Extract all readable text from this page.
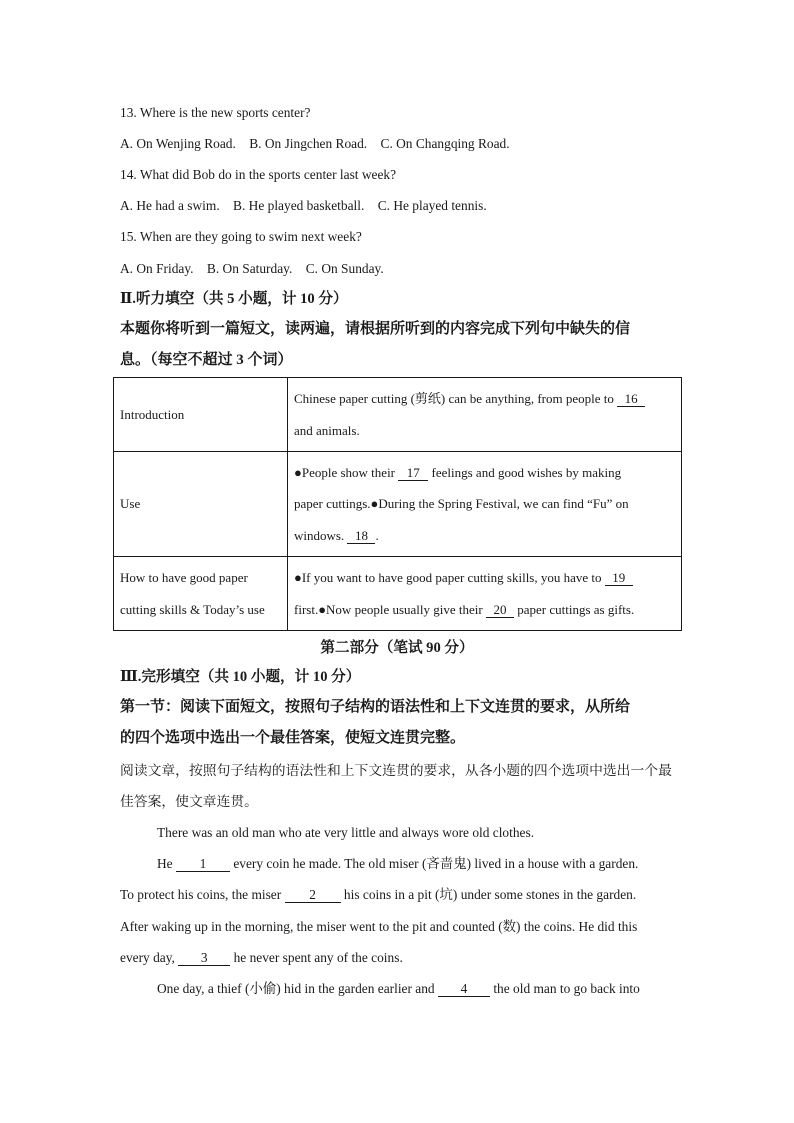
13. Where is the new sports center?
A. On Wenjing Road.    B. On Jingchen Road.    C. On Changqing Road.
14. What did Bob do in the sports center last week?
A. He had a swim.    B. He played basketball.    C. He played tennis.
15. When are they going to swim next week?
A. On Friday.    B. On Saturday.    C. On Sunday.
Ⅱ.听力填空（共 5 小题，计 10 分）
本题你将听到一篇短文，读两遍，请根据所听到的内容完成下列句中缺失的信
息。（每空不超过 3 个词）
Introduction	Chinese paper cutting (剪纸) can be anything, from people to 16
and animals.
Use	●People show their 17 feelings and good wishes by making
paper cuttings.●During the Spring Festival, we can find “Fu” on
windows. 18 .
How to have good paper
cutting skills & Today’s use	●If you want to have good paper cutting skills, you have to 19
first.●Now people usually give their 20 paper cuttings as gifts.
第二部分（笔试 90 分）
Ⅲ.完形填空（共 10 小题，计 10 分）
第一节：阅读下面短文，按照句子结构的语法性和上下文连贯的要求，从所给
的四个选项中选出一个最佳答案，使短文连贯完整。
阅读文章，按照句子结构的语法性和上下文连贯的要求，从各小题的四个选项中选出一个最
佳答案，使文章连贯。
There was an old man who ate very little and always wore old clothes.
He 1 every coin he made. The old miser (吝啬鬼) lived in a house with a garden.
To protect his coins, the miser 2 his coins in a pit (坑) under some stones in the garden.
After waking up in the morning, the miser went to the pit and counted (数) the coins. He did this
every day, 3 he never spent any of the coins.
One day, a thief (小偷) hid in the garden earlier and 4 the old man to go back into
